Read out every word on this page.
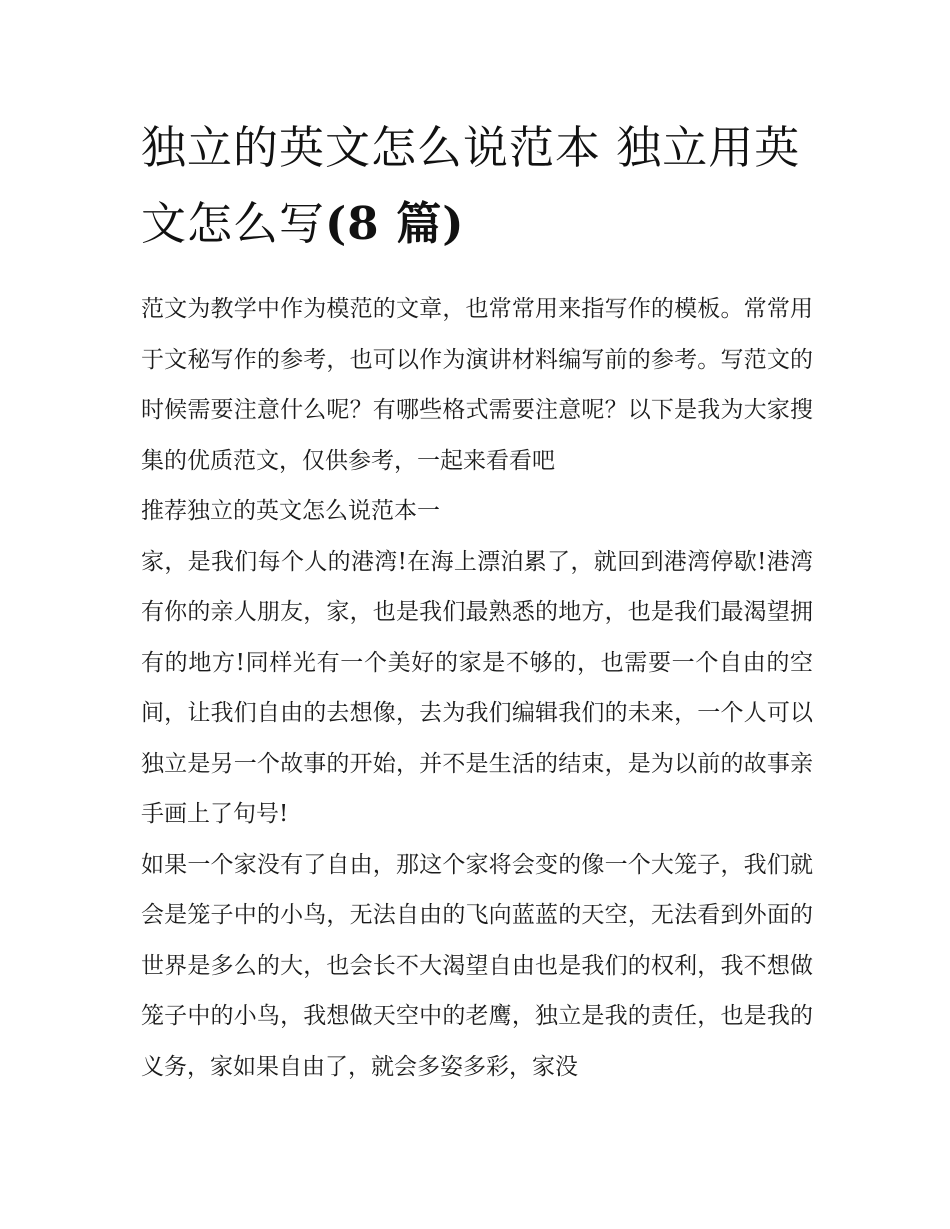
独立的英文怎么说范本 独立用英文怎么写(8 篇)

范文为教学中作为模范的文章，也常常用来指写作的模板。常常用于文秘写作的参考，也可以作为演讲材料编写前的参考。写范文的时候需要注意什么呢？有哪些格式需要注意呢？以下是我为大家搜集的优质范文，仅供参考，一起来看看吧

推荐独立的英文怎么说范本一

家，是我们每个人的港湾!在海上漂泊累了，就回到港湾停歇!港湾有你的亲人朋友，家，也是我们最熟悉的地方，也是我们最渴望拥有的地方!同样光有一个美好的家是不够的，也需要一个自由的空间，让我们自由的去想像，去为我们编辑我们的未来，一个人可以独立是另一个故事的开始，并不是生活的结束，是为以前的故事亲手画上了句号!

如果一个家没有了自由，那这个家将会变的像一个大笼子，我们就会是笼子中的小鸟，无法自由的飞向蓝蓝的天空，无法看到外面的世界是多么的大，也会长不大渴望自由也是我们的权利，我不想做笼子中的小鸟，我想做天空中的老鹰，独立是我的责任，也是我的义务，家如果自由了，就会多姿多彩，家没
